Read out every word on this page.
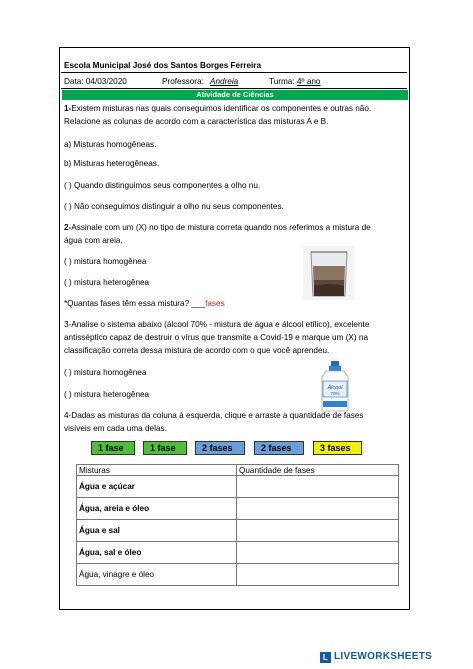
Escola Municipal José dos Santos Borges Ferreira
Data: 04/03/2020	Professora: Andreia	Turma: 4º ano
Atividade de Ciências
1-Existem misturas nas quais conseguimos identificar os componentes e outras não.
Relacione as colunas de acordo com a característica das misturas A e B.
a) Misturas homogêneas.
b) Misturas heterogêneas.
( ) Quando distinguimos seus componentes a olho nu.
( ) Não conseguimos distinguir a olho nu seus componentes.
2-Assinale com um (X) no tipo de mistura correta quando nos referimos a mistura de
água com areia.
( ) mistura homogênea
( ) mistura heterogênea
*Quantas fases têm essa mistura? ___fases
3-Analise o sistema abaixo (álcool 70% - mistura de água e álcool etílico), excelente
antisséptico capaz de destruir o vírus que transmite a Covid-19 e marque um (X) na
classificação correta dessa mistura de acordo com o que você aprendeu.
( ) mistura homogênea
( ) mistura heterogênea
Álcool
70%
4-Dadas as misturas da coluna à esquerda, clique e arraste a quantidade de fases
visíveis em cada uma delas.
1 fase	1 fase	2 fases	2 fases	3 fases
Misturas	Quantidade de fases
Água e açúcar	
Água, areia e óleo	
Água e sal	
Água, sal e óleo	
Água, vinagre e óleo	
L LIVEWORKSHEETS
